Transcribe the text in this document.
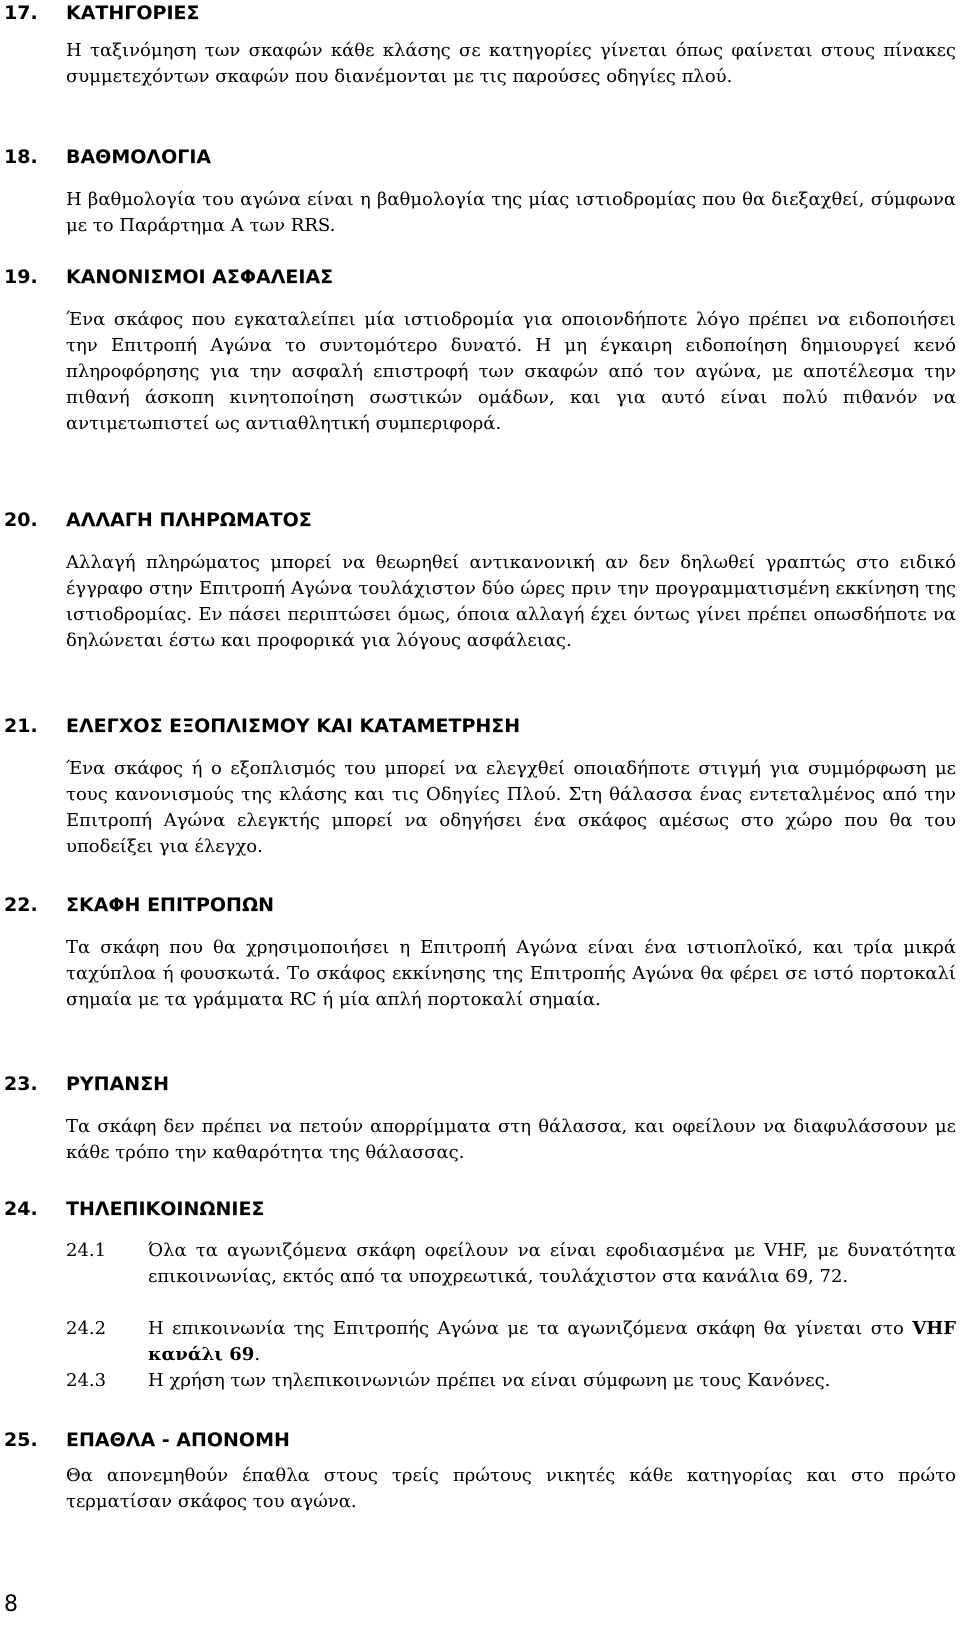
17. ΚΑΤΗΓΟΡΙΕΣ
Η ταξινόμηση των σκαφών κάθε κλάσης σε κατηγορίες γίνεται όπως φαίνεται στους πίνακες συμμετεχόντων σκαφών που διανέμονται με τις παρούσες οδηγίες πλού.
18. ΒΑΘΜΟΛΟΓΙΑ
Η βαθμολογία του αγώνα είναι η βαθμολογία της μίας ιστιοδρομίας που θα διεξαχθεί, σύμφωνα με το Παράρτημα Α των RRS.
19. ΚΑΝΟΝΙΣΜΟΙ ΑΣΦΑΛΕΙΑΣ
Ένα σκάφος που εγκαταλείπει μία ιστιοδρομία για οποιονδήποτε λόγο πρέπει να ειδοποιήσει την Επιτροπή Αγώνα το συντομότερο δυνατό. Η μη έγκαιρη ειδοποίηση δημιουργεί κενό πληροφόρησης για την ασφαλή επιστροφή των σκαφών από τον αγώνα, με αποτέλεσμα την πιθανή άσκοπη κινητοποίηση σωστικών ομάδων, και για αυτό είναι πολύ πιθανόν να αντιμετωπιστεί ως αντιαθλητική συμπεριφορά.
20. ΑΛΛΑΓΗ ΠΛΗΡΩΜΑΤΟΣ
Αλλαγή πληρώματος μπορεί να θεωρηθεί αντικανονική αν δεν δηλωθεί γραπτώς στο ειδικό έγγραφο στην Επιτροπή Αγώνα τουλάχιστον δύο ώρες πριν την προγραμματισμένη εκκίνηση της ιστιοδρομίας. Εν πάσει περιπτώσει όμως, όποια αλλαγή έχει όντως γίνει πρέπει οπωσδήποτε να δηλώνεται έστω και προφορικά για λόγους ασφάλειας.
21. ΕΛΕΓΧΟΣ ΕΞΟΠΛΙΣΜΟΥ ΚΑΙ ΚΑΤΑΜΕΤΡΗΣΗ
Ένα σκάφος ή ο εξοπλισμός του μπορεί να ελεγχθεί οποιαδήποτε στιγμή για συμμόρφωση με τους κανονισμούς της κλάσης και τις Οδηγίες Πλού. Στη θάλασσα ένας εντεταλμένος από την Επιτροπή Αγώνα ελεγκτής μπορεί να οδηγήσει ένα σκάφος αμέσως στο χώρο που θα του υποδείξει για έλεγχο.
22. ΣΚΑΦΗ ΕΠΙΤΡΟΠΩΝ
Τα σκάφη που θα χρησιμοποιήσει η Επιτροπή Αγώνα είναι ένα ιστιοπλοϊκό, και τρία μικρά ταχύπλοα ή φουσκωτά. Το σκάφος εκκίνησης της Επιτροπής Αγώνα θα φέρει σε ιστό πορτοκαλί σημαία με τα γράμματα RC ή μία απλή πορτοκαλί σημαία.
23. ΡΥΠΑΝΣΗ
Τα σκάφη δεν πρέπει να πετούν απορρίμματα στη θάλασσα, και οφείλουν να διαφυλάσσουν με κάθε τρόπο την καθαρότητα της θάλασσας.
24. ΤΗΛΕΠΙΚΟΙΝΩΝΙΕΣ
24.1	Όλα τα αγωνιζόμενα σκάφη οφείλουν να είναι εφοδιασμένα με VHF, με δυνατότητα επικοινωνίας, εκτός από τα υποχρεωτικά, τουλάχιστον στα κανάλια 69, 72.
24.2	Η επικοινωνία της Επιτροπής Αγώνα με τα αγωνιζόμενα σκάφη θα γίνεται στο VHF κανάλι 69.
24.3	Η χρήση των τηλεπικοινωνιών πρέπει να είναι σύμφωνη με τους Κανόνες.
25. ΕΠΑΘΛΑ - ΑΠΟΝΟΜΗ
Θα απονεμηθούν έπαθλα στους τρείς πρώτους νικητές κάθε κατηγορίας και στο πρώτο τερματίσαν σκάφος του αγώνα.
8
